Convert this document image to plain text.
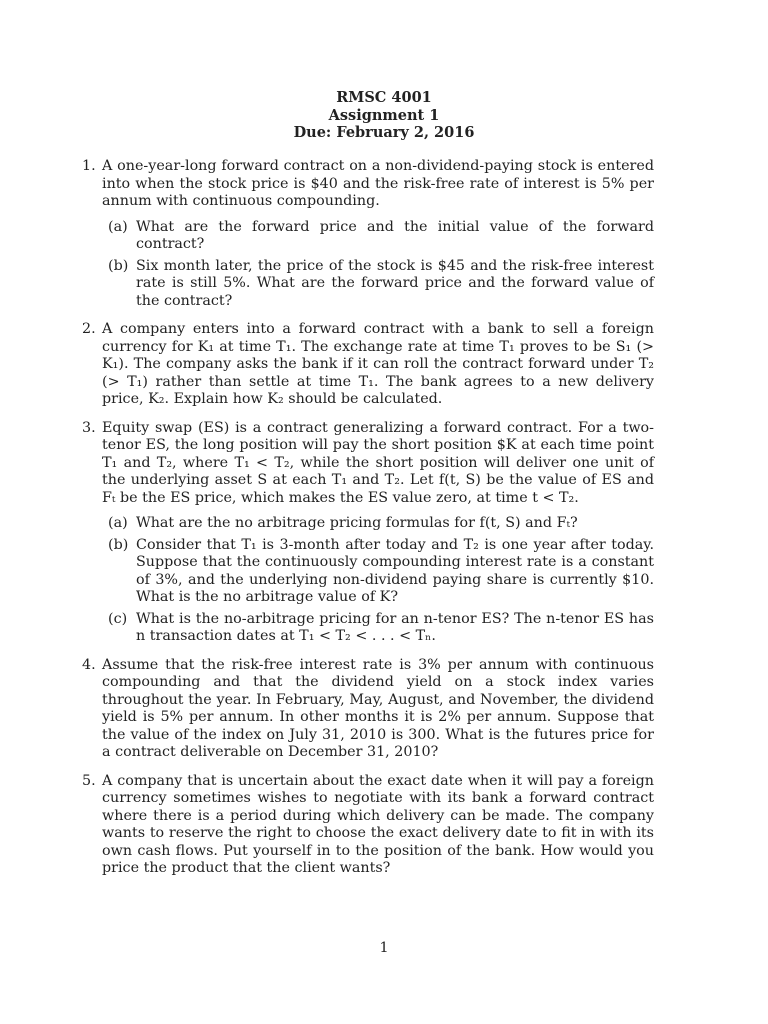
RMSC 4001
Assignment 1
Due: February 2, 2016
1. A one-year-long forward contract on a non-dividend-paying stock is entered into when the stock price is $40 and the risk-free rate of interest is 5% per annum with continuous compounding.
(a) What are the forward price and the initial value of the forward contract?
(b) Six month later, the price of the stock is $45 and the risk-free interest rate is still 5%. What are the forward price and the forward value of the contract?
2. A company enters into a forward contract with a bank to sell a foreign currency for K₁ at time T₁. The exchange rate at time T₁ proves to be S₁ (> K₁). The company asks the bank if it can roll the contract forward under T₂ (> T₁) rather than settle at time T₁. The bank agrees to a new delivery price, K₂. Explain how K₂ should be calculated.
3. Equity swap (ES) is a contract generalizing a forward contract. For a two-tenor ES, the long position will pay the short position $K at each time point T₁ and T₂, where T₁ < T₂, while the short position will deliver one unit of the underlying asset S at each T₁ and T₂. Let f(t, S) be the value of ES and Fₜ be the ES price, which makes the ES value zero, at time t < T₂.
(a) What are the no arbitrage pricing formulas for f(t, S) and Fₜ?
(b) Consider that T₁ is 3-month after today and T₂ is one year after today. Suppose that the continuously compounding interest rate is a constant of 3%, and the underlying non-dividend paying share is currently $10. What is the no arbitrage value of K?
(c) What is the no-arbitrage pricing for an n-tenor ES? The n-tenor ES has n transaction dates at T₁ < T₂ < . . . < Tₙ.
4. Assume that the risk-free interest rate is 3% per annum with continuous compounding and that the dividend yield on a stock index varies throughout the year. In February, May, August, and November, the dividend yield is 5% per annum. In other months it is 2% per annum. Suppose that the value of the index on July 31, 2010 is 300. What is the futures price for a contract deliverable on December 31, 2010?
5. A company that is uncertain about the exact date when it will pay a foreign currency sometimes wishes to negotiate with its bank a forward contract where there is a period during which delivery can be made. The company wants to reserve the right to choose the exact delivery date to fit in with its own cash flows. Put yourself in to the position of the bank. How would you price the product that the client wants?
1
